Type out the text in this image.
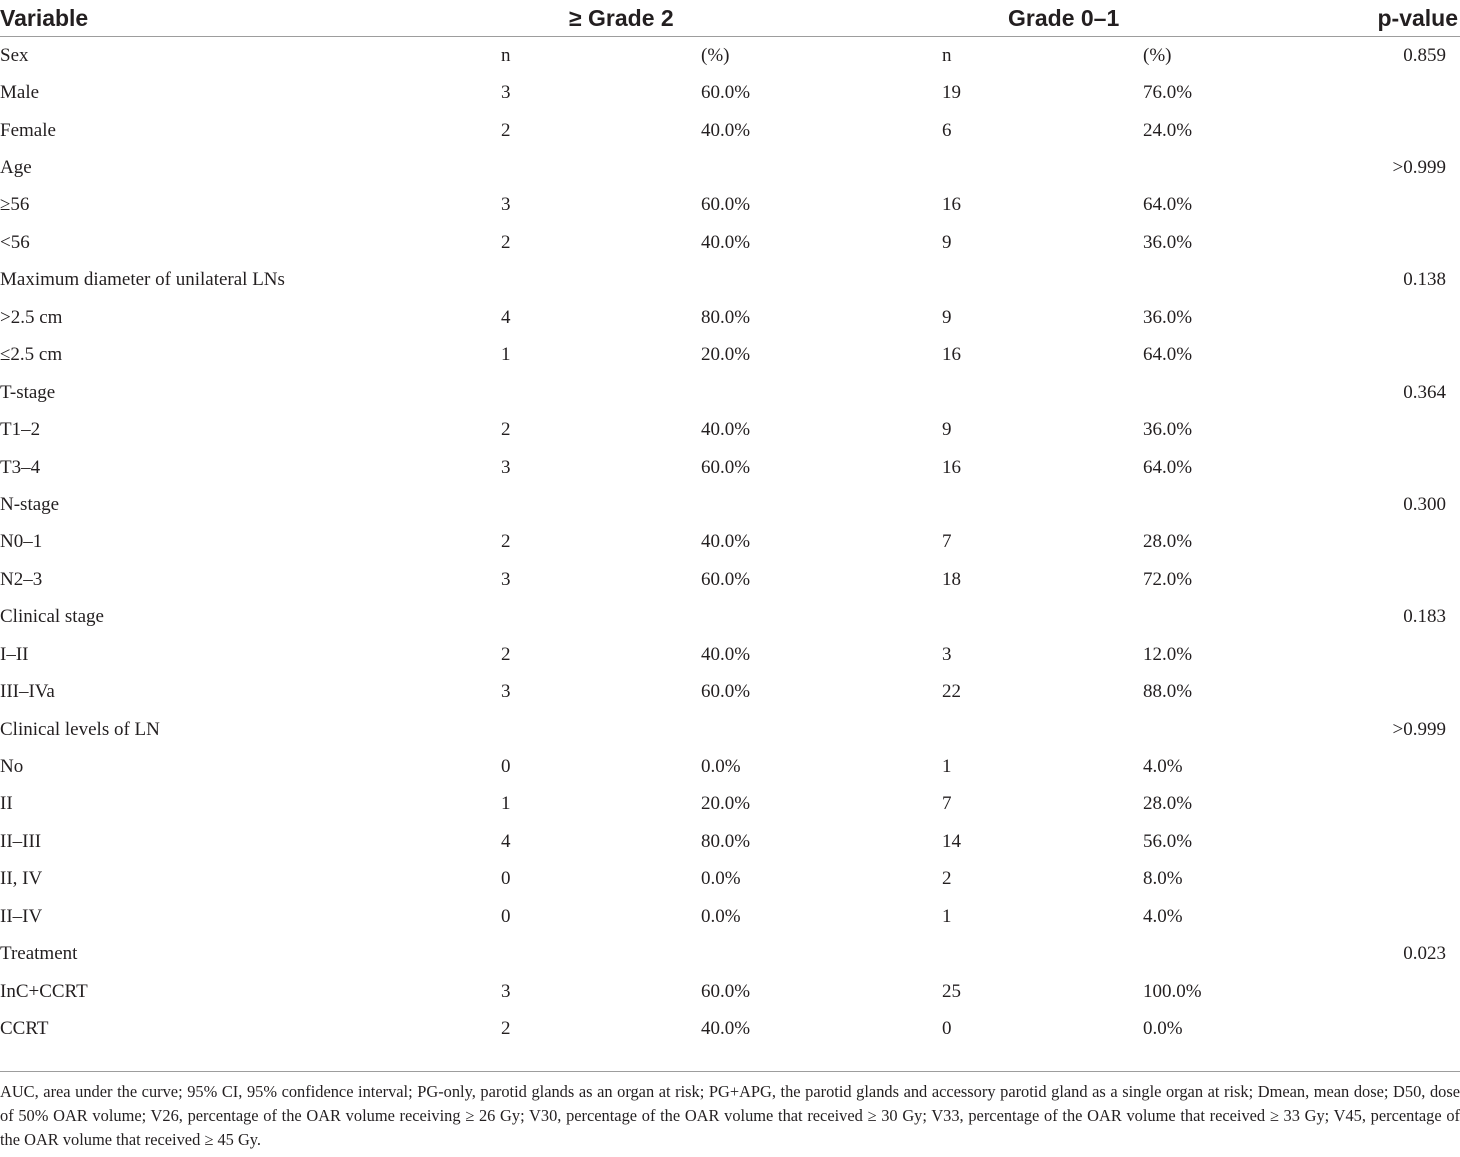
Variable	≥ Grade 2		Grade 0–1		p-value
Sex	n	(%)	n	(%)	0.859
Male	3	60.0%	19	76.0%	
Female	2	40.0%	6	24.0%	
Age					>0.999
≥56	3	60.0%	16	64.0%	
<56	2	40.0%	9	36.0%	
Maximum diameter of unilateral LNs					0.138
>2.5 cm	4	80.0%	9	36.0%	
≤2.5 cm	1	20.0%	16	64.0%	
T-stage					0.364
T1–2	2	40.0%	9	36.0%	
T3–4	3	60.0%	16	64.0%	
N-stage					0.300
N0–1	2	40.0%	7	28.0%	
N2–3	3	60.0%	18	72.0%	
Clinical stage					0.183
I–II	2	40.0%	3	12.0%	
III–IVa	3	60.0%	22	88.0%	
Clinical levels of LN					>0.999
No	0	0.0%	1	4.0%	
II	1	20.0%	7	28.0%	
II–III	4	80.0%	14	56.0%	
II, IV	0	0.0%	2	8.0%	
II–IV	0	0.0%	1	4.0%	
Treatment					0.023
InC+CCRT	3	60.0%	25	100.0%	
CCRT	2	40.0%	0	0.0%	
AUC, area under the curve; 95% CI, 95% confidence interval; PG-only, parotid glands as an organ at risk; PG+APG, the parotid glands and accessory parotid gland as a single organ at risk; Dmean, mean dose; D50, dose of 50% OAR volume; V26, percentage of the OAR volume receiving ≥ 26 Gy; V30, percentage of the OAR volume that received ≥ 30 Gy; V33, percentage of the OAR volume that received ≥ 33 Gy; V45, percentage of the OAR volume that received ≥ 45 Gy.
